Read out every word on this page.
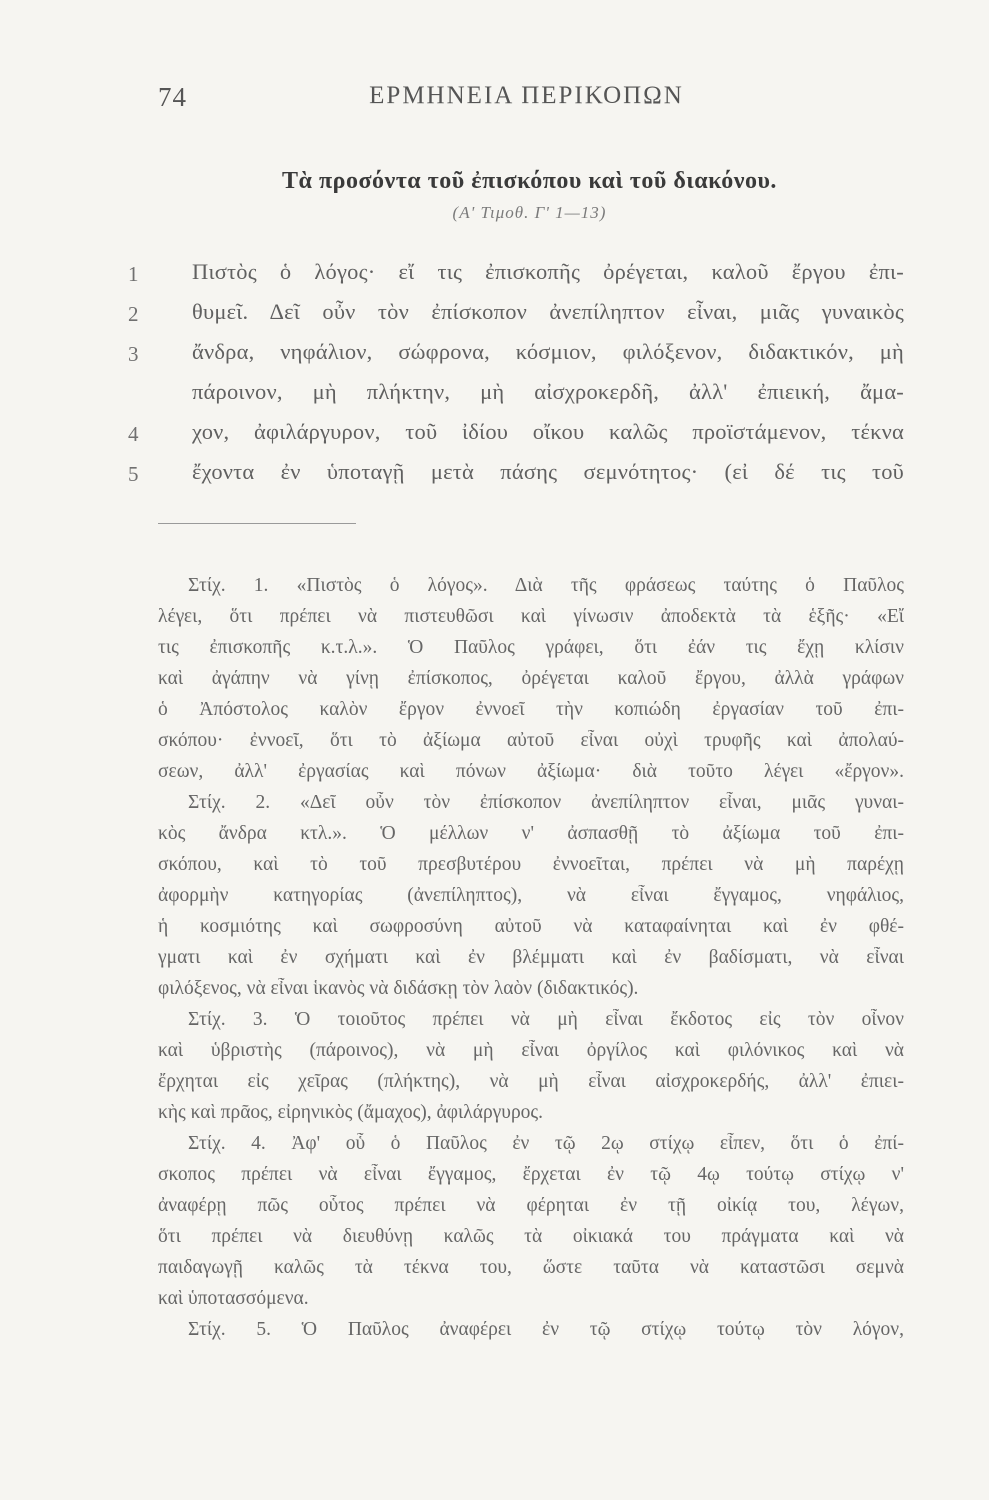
74	ΕΡΜΗΝΕΙΑ ΠΕΡΙΚΟΠΩΝ
Τὰ προσόντα τοῦ ἐπισκόπου καὶ τοῦ διακόνου.
(Α' Τιμοθ. Γ' 1—13)
1
2
3
4
5
Πιστὸς ὁ λόγος· εἴ τις ἐπισκοπῆς ὀρέγεται, καλοῦ ἔργου ἐπι-
θυμεῖ. Δεῖ οὖν τὸν ἐπίσκοπον ἀνεπίληπτον εἶναι, μιᾶς γυναικὸς
ἄνδρα, νηφάλιον, σώφρονα, κόσμιον, φιλόξενον, διδακτικόν, μὴ
πάροινον, μὴ πλήκτην, μὴ αἰσχροκερδῆ, ἀλλ' ἐπιεική, ἄμα-
χον, ἀφιλάργυρον, τοῦ ἰδίου οἴκου καλῶς προϊστάμενον, τέκνα
ἔχοντα ἐν ὑποταγῇ μετὰ πάσης σεμνότητος· (εἰ δέ τις τοῦ
Στίχ. 1. «Πιστὸς ὁ λόγος». Διὰ τῆς φράσεως ταύτης ὁ Παῦλος
λέγει, ὅτι πρέπει νὰ πιστευθῶσι καὶ γίνωσιν ἀποδεκτὰ τὰ ἑξῆς· «Εἴ
τις ἐπισκοπῆς κ.τ.λ.». Ὁ Παῦλος γράφει, ὅτι ἐάν τις ἔχῃ κλίσιν
καὶ ἀγάπην νὰ γίνῃ ἐπίσκοπος, ὀρέγεται καλοῦ ἔργου, ἀλλὰ γράφων
ὁ Ἀπόστολος καλὸν ἔργον ἐννοεῖ τὴν κοπιώδη ἐργασίαν τοῦ ἐπι-
σκόπου· ἐννοεῖ, ὅτι τὸ ἀξίωμα αὐτοῦ εἶναι οὐχὶ τρυφῆς καὶ ἀπολαύ-
σεων, ἀλλ' ἐργασίας καὶ πόνων ἀξίωμα· διὰ τοῦτο λέγει «ἔργον».
Στίχ. 2. «Δεῖ οὖν τὸν ἐπίσκοπον ἀνεπίληπτον εἶναι, μιᾶς γυναι-
κὸς ἄνδρα κτλ.». Ὁ μέλλων ν' ἀσπασθῇ τὸ ἀξίωμα τοῦ ἐπι-
σκόπου, καὶ τὸ τοῦ πρεσβυτέρου ἐννοεῖται, πρέπει νὰ μὴ παρέχῃ
ἀφορμὴν κατηγορίας (ἀνεπίληπτος), νὰ εἶναι ἔγγαμος, νηφάλιος,
ἡ κοσμιότης καὶ σωφροσύνη αὐτοῦ νὰ καταφαίνηται καὶ ἐν φθέ-
γματι καὶ ἐν σχήματι καὶ ἐν βλέμματι καὶ ἐν βαδίσματι, νὰ εἶναι
φιλόξενος, νὰ εἶναι ἱκανὸς νὰ διδάσκῃ τὸν λαὸν (διδακτικός).
Στίχ. 3. Ὁ τοιοῦτος πρέπει νὰ μὴ εἶναι ἔκδοτος εἰς τὸν οἶνον
καὶ ὑβριστὴς (πάροινος), νὰ μὴ εἶναι ὀργίλος καὶ φιλόνικος καὶ νὰ
ἔρχηται εἰς χεῖρας (πλήκτης), νὰ μὴ εἶναι αἰσχροκερδής, ἀλλ' ἐπιει-
κὴς καὶ πρᾶος, εἰρηνικὸς (ἄμαχος), ἀφιλάργυρος.
Στίχ. 4. Ἀφ' οὗ ὁ Παῦλος ἐν τῷ 2ῳ στίχῳ εἶπεν, ὅτι ὁ ἐπί-
σκοπος πρέπει νὰ εἶναι ἔγγαμος, ἔρχεται ἐν τῷ 4ῳ τούτῳ στίχῳ ν'
ἀναφέρῃ πῶς οὗτος πρέπει νὰ φέρηται ἐν τῇ οἰκίᾳ του, λέγων,
ὅτι πρέπει νὰ διευθύνῃ καλῶς τὰ οἰκιακά του πράγματα καὶ νὰ
παιδαγωγῇ καλῶς τὰ τέκνα του, ὥστε ταῦτα νὰ καταστῶσι σεμνὰ
καὶ ὑποτασσόμενα.
Στίχ. 5. Ὁ Παῦλος ἀναφέρει ἐν τῷ στίχῳ τούτῳ τὸν λόγον,
